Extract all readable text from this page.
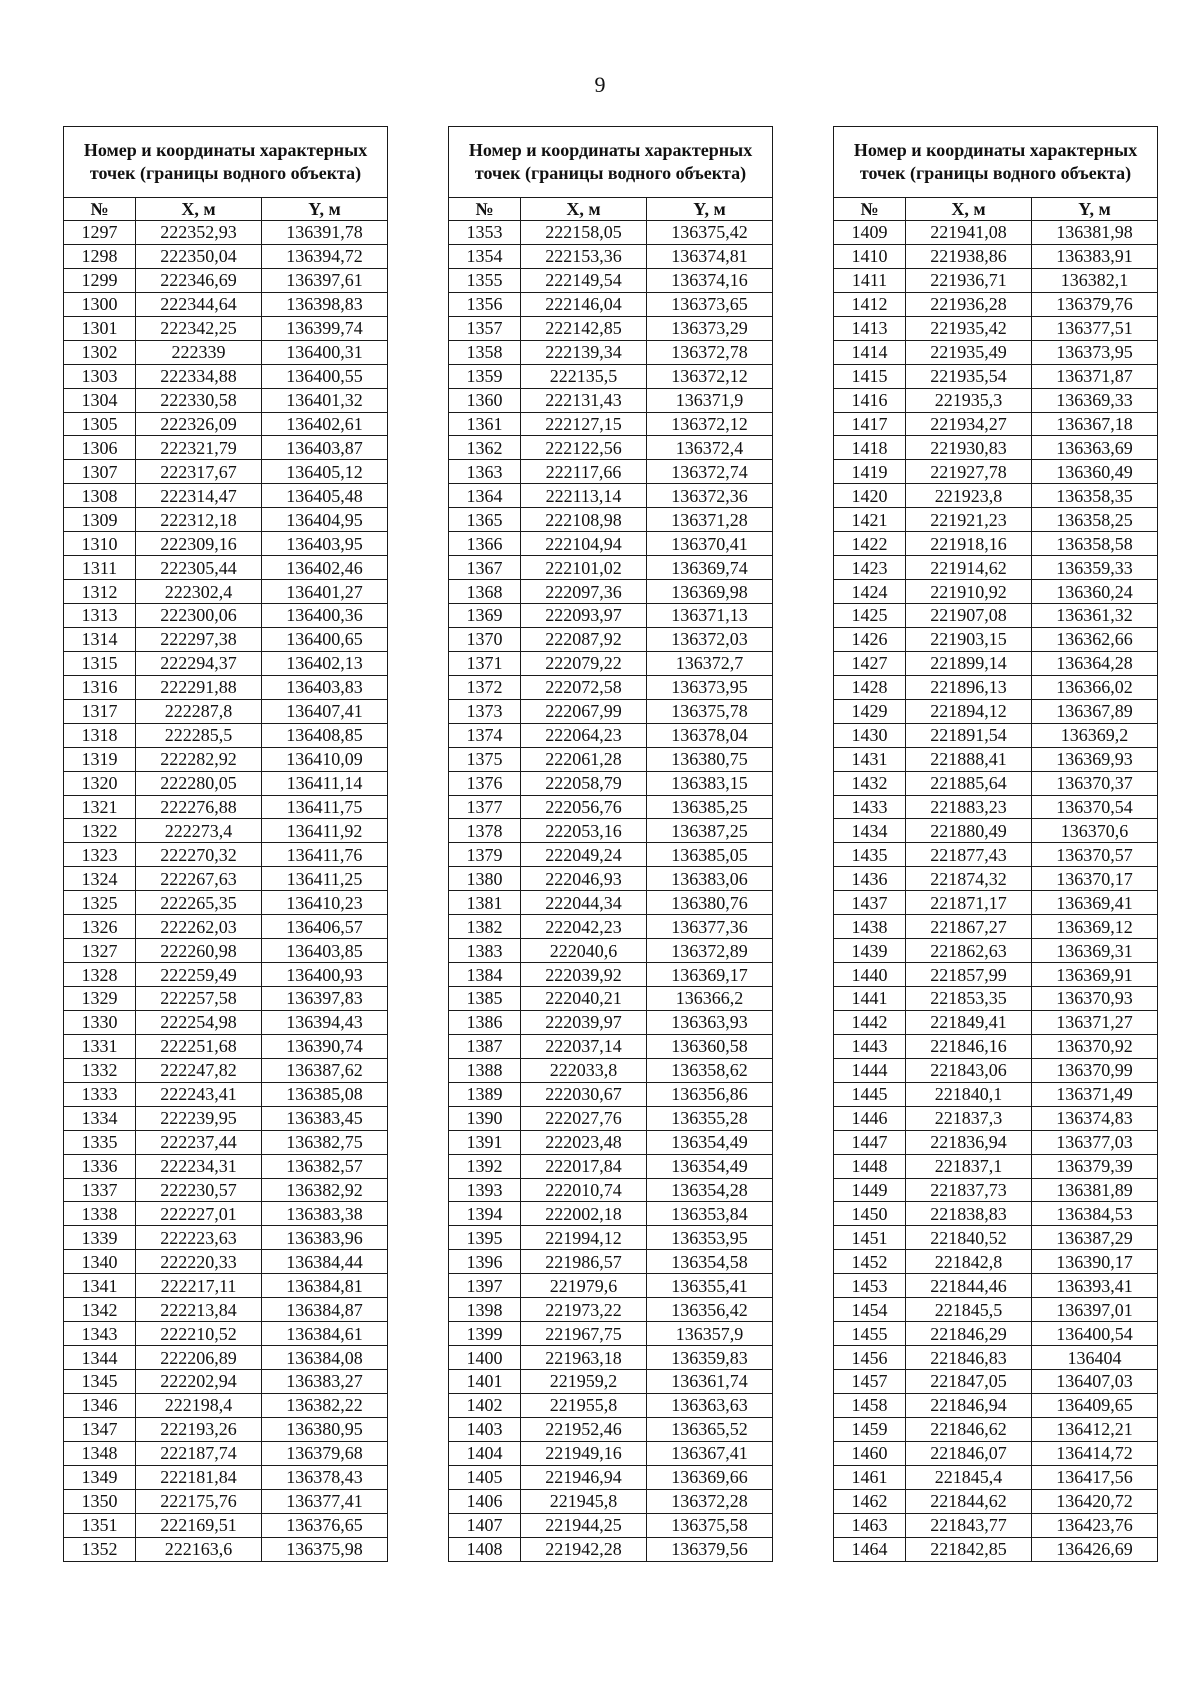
9
Номер и координаты характерных точек (границы водного объекта)		
№	X, м	Y, м
1297	222352,93	136391,78
1298	222350,04	136394,72
1299	222346,69	136397,61
1300	222344,64	136398,83
1301	222342,25	136399,74
1302	222339	136400,31
1303	222334,88	136400,55
1304	222330,58	136401,32
1305	222326,09	136402,61
1306	222321,79	136403,87
1307	222317,67	136405,12
1308	222314,47	136405,48
1309	222312,18	136404,95
1310	222309,16	136403,95
1311	222305,44	136402,46
1312	222302,4	136401,27
1313	222300,06	136400,36
1314	222297,38	136400,65
1315	222294,37	136402,13
1316	222291,88	136403,83
1317	222287,8	136407,41
1318	222285,5	136408,85
1319	222282,92	136410,09
1320	222280,05	136411,14
1321	222276,88	136411,75
1322	222273,4	136411,92
1323	222270,32	136411,76
1324	222267,63	136411,25
1325	222265,35	136410,23
1326	222262,03	136406,57
1327	222260,98	136403,85
1328	222259,49	136400,93
1329	222257,58	136397,83
1330	222254,98	136394,43
1331	222251,68	136390,74
1332	222247,82	136387,62
1333	222243,41	136385,08
1334	222239,95	136383,45
1335	222237,44	136382,75
1336	222234,31	136382,57
1337	222230,57	136382,92
1338	222227,01	136383,38
1339	222223,63	136383,96
1340	222220,33	136384,44
1341	222217,11	136384,81
1342	222213,84	136384,87
1343	222210,52	136384,61
1344	222206,89	136384,08
1345	222202,94	136383,27
1346	222198,4	136382,22
1347	222193,26	136380,95
1348	222187,74	136379,68
1349	222181,84	136378,43
1350	222175,76	136377,41
1351	222169,51	136376,65
1352	222163,6	136375,98
Номер и координаты характерных точек (границы водного объекта)		
№	X, м	Y, м
1353	222158,05	136375,42
1354	222153,36	136374,81
1355	222149,54	136374,16
1356	222146,04	136373,65
1357	222142,85	136373,29
1358	222139,34	136372,78
1359	222135,5	136372,12
1360	222131,43	136371,9
1361	222127,15	136372,12
1362	222122,56	136372,4
1363	222117,66	136372,74
1364	222113,14	136372,36
1365	222108,98	136371,28
1366	222104,94	136370,41
1367	222101,02	136369,74
1368	222097,36	136369,98
1369	222093,97	136371,13
1370	222087,92	136372,03
1371	222079,22	136372,7
1372	222072,58	136373,95
1373	222067,99	136375,78
1374	222064,23	136378,04
1375	222061,28	136380,75
1376	222058,79	136383,15
1377	222056,76	136385,25
1378	222053,16	136387,25
1379	222049,24	136385,05
1380	222046,93	136383,06
1381	222044,34	136380,76
1382	222042,23	136377,36
1383	222040,6	136372,89
1384	222039,92	136369,17
1385	222040,21	136366,2
1386	222039,97	136363,93
1387	222037,14	136360,58
1388	222033,8	136358,62
1389	222030,67	136356,86
1390	222027,76	136355,28
1391	222023,48	136354,49
1392	222017,84	136354,49
1393	222010,74	136354,28
1394	222002,18	136353,84
1395	221994,12	136353,95
1396	221986,57	136354,58
1397	221979,6	136355,41
1398	221973,22	136356,42
1399	221967,75	136357,9
1400	221963,18	136359,83
1401	221959,2	136361,74
1402	221955,8	136363,63
1403	221952,46	136365,52
1404	221949,16	136367,41
1405	221946,94	136369,66
1406	221945,8	136372,28
1407	221944,25	136375,58
1408	221942,28	136379,56
Номер и координаты характерных точек (границы водного объекта)		
№	X, м	Y, м
1409	221941,08	136381,98
1410	221938,86	136383,91
1411	221936,71	136382,1
1412	221936,28	136379,76
1413	221935,42	136377,51
1414	221935,49	136373,95
1415	221935,54	136371,87
1416	221935,3	136369,33
1417	221934,27	136367,18
1418	221930,83	136363,69
1419	221927,78	136360,49
1420	221923,8	136358,35
1421	221921,23	136358,25
1422	221918,16	136358,58
1423	221914,62	136359,33
1424	221910,92	136360,24
1425	221907,08	136361,32
1426	221903,15	136362,66
1427	221899,14	136364,28
1428	221896,13	136366,02
1429	221894,12	136367,89
1430	221891,54	136369,2
1431	221888,41	136369,93
1432	221885,64	136370,37
1433	221883,23	136370,54
1434	221880,49	136370,6
1435	221877,43	136370,57
1436	221874,32	136370,17
1437	221871,17	136369,41
1438	221867,27	136369,12
1439	221862,63	136369,31
1440	221857,99	136369,91
1441	221853,35	136370,93
1442	221849,41	136371,27
1443	221846,16	136370,92
1444	221843,06	136370,99
1445	221840,1	136371,49
1446	221837,3	136374,83
1447	221836,94	136377,03
1448	221837,1	136379,39
1449	221837,73	136381,89
1450	221838,83	136384,53
1451	221840,52	136387,29
1452	221842,8	136390,17
1453	221844,46	136393,41
1454	221845,5	136397,01
1455	221846,29	136400,54
1456	221846,83	136404
1457	221847,05	136407,03
1458	221846,94	136409,65
1459	221846,62	136412,21
1460	221846,07	136414,72
1461	221845,4	136417,56
1462	221844,62	136420,72
1463	221843,77	136423,76
1464	221842,85	136426,69
